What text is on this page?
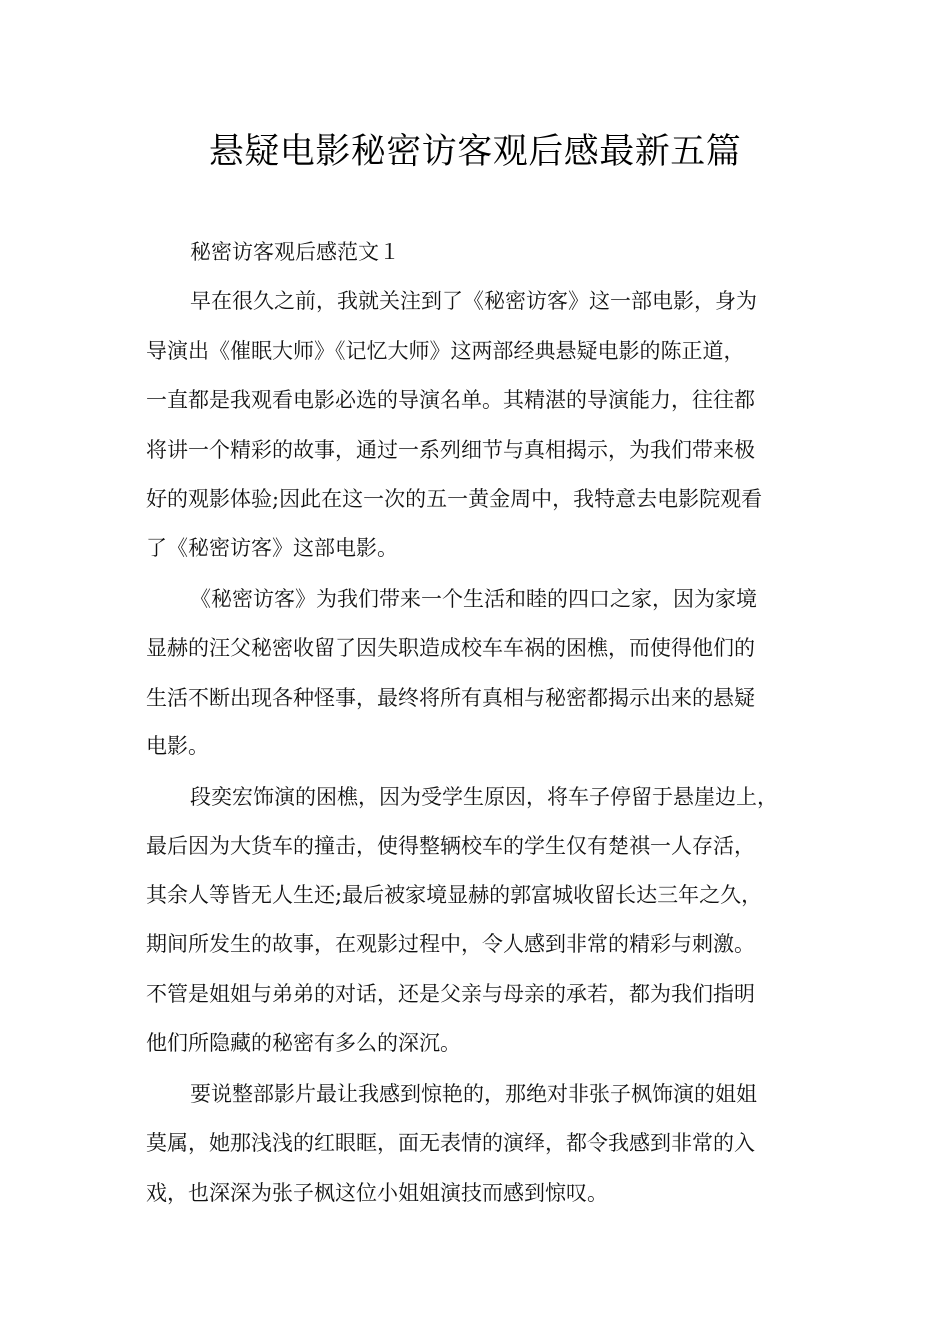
悬疑电影秘密访客观后感最新五篇
秘密访客观后感范文１
早在很久之前，我就关注到了《秘密访客》这一部电影，身为
导演出《催眠大师》《记忆大师》这两部经典悬疑电影的陈正道，
一直都是我观看电影必选的导演名单。其精湛的导演能力，往往都
将讲一个精彩的故事，通过一系列细节与真相揭示，为我们带来极
好的观影体验;因此在这一次的五一黄金周中，我特意去电影院观看
了《秘密访客》这部电影。
《秘密访客》为我们带来一个生活和睦的四口之家，因为家境
显赫的汪父秘密收留了因失职造成校车车祸的困樵，而使得他们的
生活不断出现各种怪事，最终将所有真相与秘密都揭示出来的悬疑
电影。
段奕宏饰演的困樵，因为受学生原因，将车子停留于悬崖边上，
最后因为大货车的撞击，使得整辆校车的学生仅有楚祺一人存活，
其余人等皆无人生还;最后被家境显赫的郭富城收留长达三年之久，
期间所发生的故事，在观影过程中，令人感到非常的精彩与刺激。
不管是姐姐与弟弟的对话，还是父亲与母亲的承若，都为我们指明
他们所隐藏的秘密有多么的深沉。
要说整部影片最让我感到惊艳的，那绝对非张子枫饰演的姐姐
莫属，她那浅浅的红眼眶，面无表情的演绎，都令我感到非常的入
戏，也深深为张子枫这位小姐姐演技而感到惊叹。
